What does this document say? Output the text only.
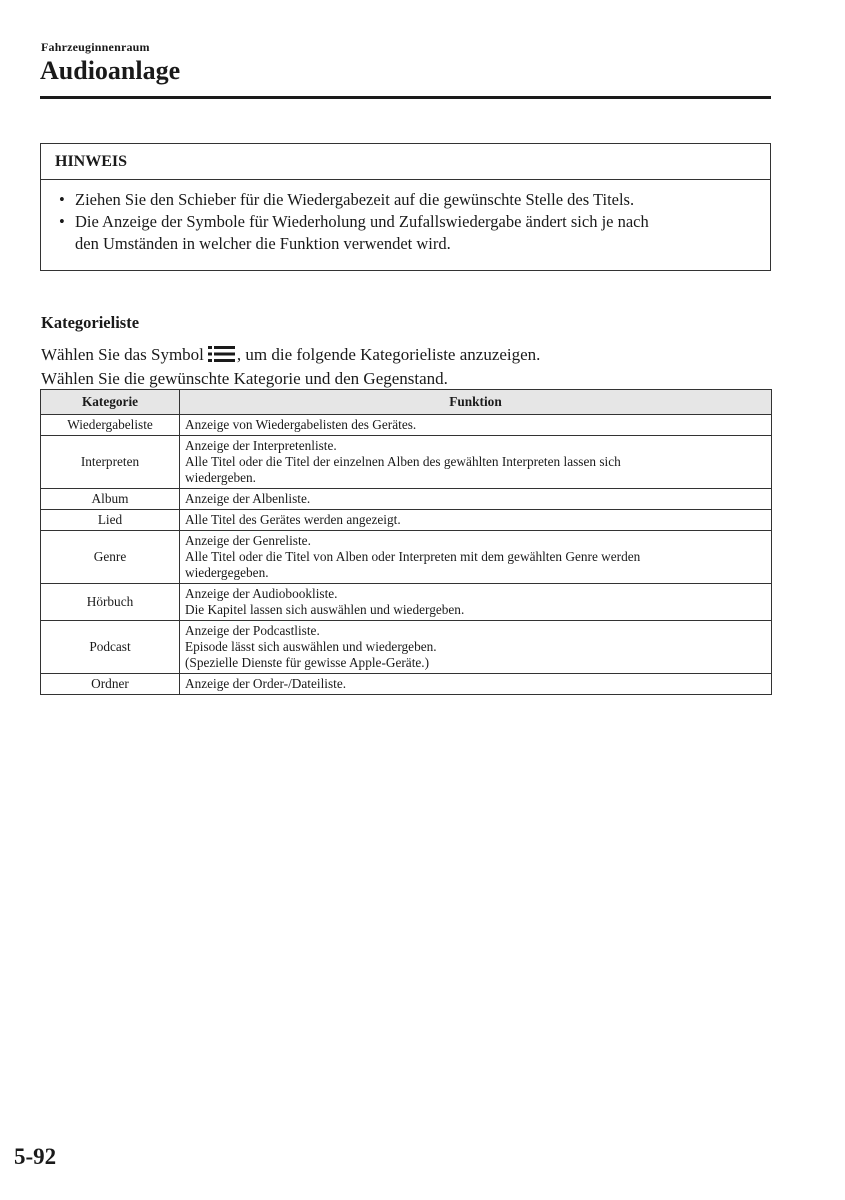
Fahrzeuginnenraum
Audioanlage
HINWEIS
• Ziehen Sie den Schieber für die Wiedergabezeit auf die gewünschte Stelle des Titels.
• Die Anzeige der Symbole für Wiederholung und Zufallswiedergabe ändert sich je nach
den Umständen in welcher die Funktion verwendet wird.
Kategorieliste
Wählen Sie das Symbol , um die folgende Kategorieliste anzuzeigen.
Wählen Sie die gewünschte Kategorie und den Gegenstand.
Kategorie	Funktion
Wiedergabeliste	Anzeige von Wiedergabelisten des Gerätes.

Interpreten	Anzeige der Interpretenliste.
Alle Titel oder die Titel der einzelnen Alben des gewählten Interpreten lassen sich
wiedergeben.

Album	Anzeige der Albenliste.

Lied	Alle Titel des Gerätes werden angezeigt.

Genre	Anzeige der Genreliste.
Alle Titel oder die Titel von Alben oder Interpreten mit dem gewählten Genre werden
wiedergegeben.

Hörbuch	Anzeige der Audiobookliste.
Die Kapitel lassen sich auswählen und wiedergeben.

Podcast	Anzeige der Podcastliste.
Episode lässt sich auswählen und wiedergeben.
(Spezielle Dienste für gewisse Apple-Geräte.)

Ordner	Anzeige der Order-/Dateiliste.
5-92
